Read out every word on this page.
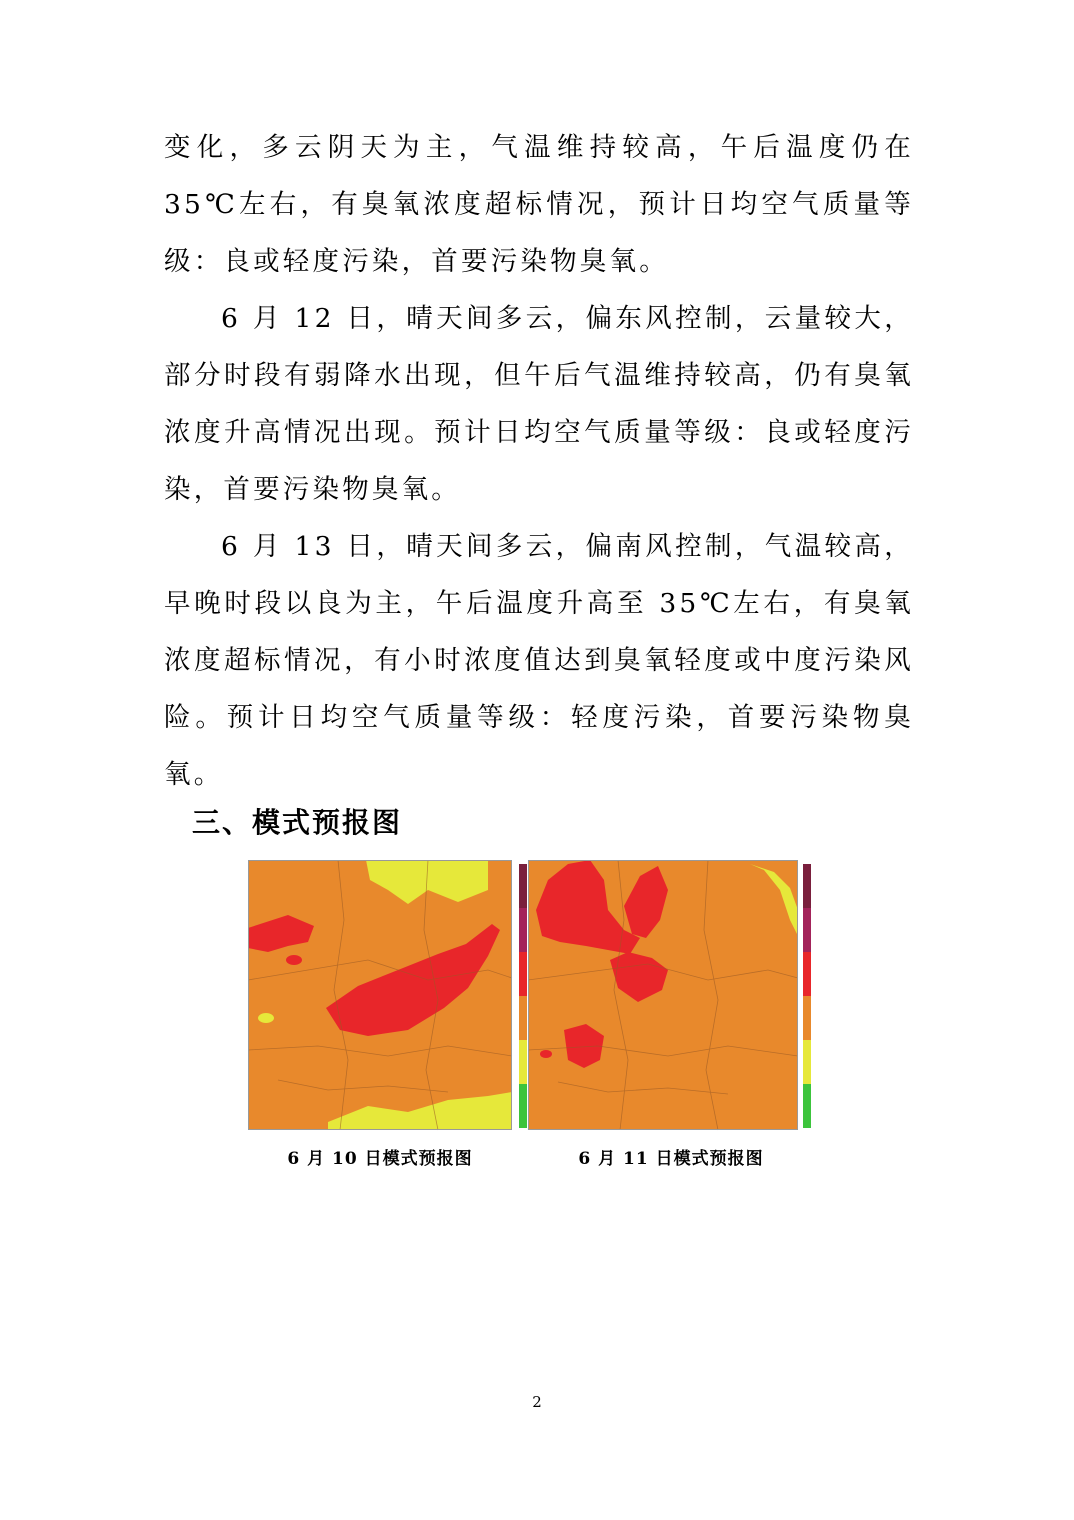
变化，多云阴天为主，气温维持较高，午后温度仍在 35℃左右，有臭氧浓度超标情况，预计日均空气质量等级：良或轻度污染，首要污染物臭氧。

6 月 12 日，晴天间多云，偏东风控制，云量较大，部分时段有弱降水出现，但午后气温维持较高，仍有臭氧浓度升高情况出现。预计日均空气质量等级：良或轻度污染，首要污染物臭氧。

6 月 13 日，晴天间多云，偏南风控制，气温较高，早晚时段以良为主，午后温度升高至 35℃左右，有臭氧浓度超标情况，有小时浓度值达到臭氧轻度或中度污染风险。预计日均空气质量等级：轻度污染，首要污染物臭氧。

三、模式预报图

6 月 10 日模式预报图	6 月 11 日模式预报图

2
